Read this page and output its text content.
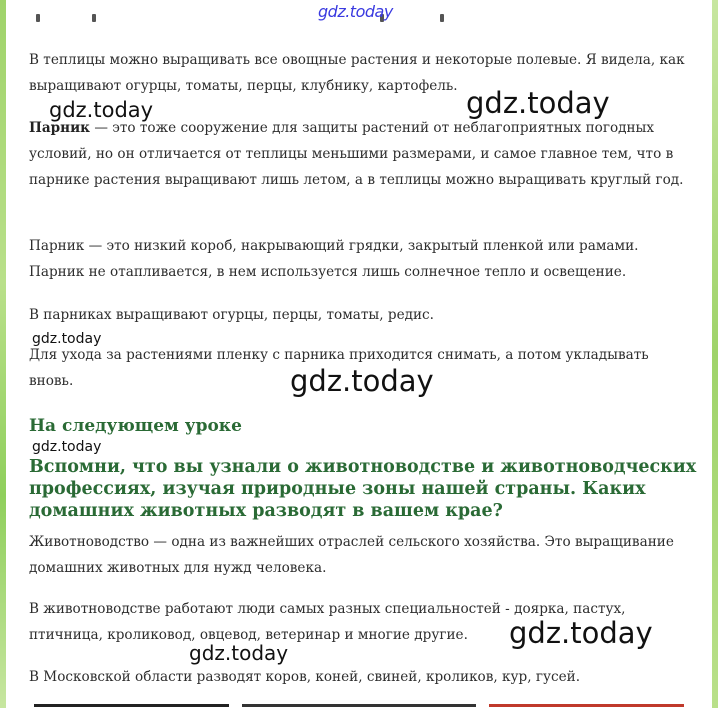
gdz.today

В теплицы можно выращивать все овощные растения и некоторые полевые. Я видела, как выращивают огурцы, томаты, перцы, клубнику, картофель.

gdz.today	gdz.today

Парник — это тоже сооружение для защиты растений от неблагоприятных погодных условий, но он отличается от теплицы меньшими размерами, и самое главное тем, что в парнике растения выращивают лишь летом, а в теплицы можно выращивать круглый год.

Парник — это низкий короб, накрывающий грядки, закрытый пленкой или рамами. Парник не отапливается, в нем используется лишь солнечное тепло и освещение.

В парниках выращивают огурцы, перцы, томаты, редис.

gdz.today

Для ухода за растениями пленку с парника приходится снимать, а потом укладывать вновь.	gdz.today
На следующем уроке
gdz.today
Вспомни, что вы узнали о животноводстве и животноводческих профессиях, изучая природные зоны нашей страны. Каких домашних животных разводят в вашем крае?

Животноводство — одна из важнейших отраслей сельского хозяйства. Это выращивание домашних животных для нужд человека.

В животноводстве работают люди самых разных специальностей - доярка, пастух, птичница, кроликовод, овцевод, ветеринар и многие другие.	gdz.today
gdz.today

В Московской области разводят коров, коней, свиней, кроликов, кур, гусей.
